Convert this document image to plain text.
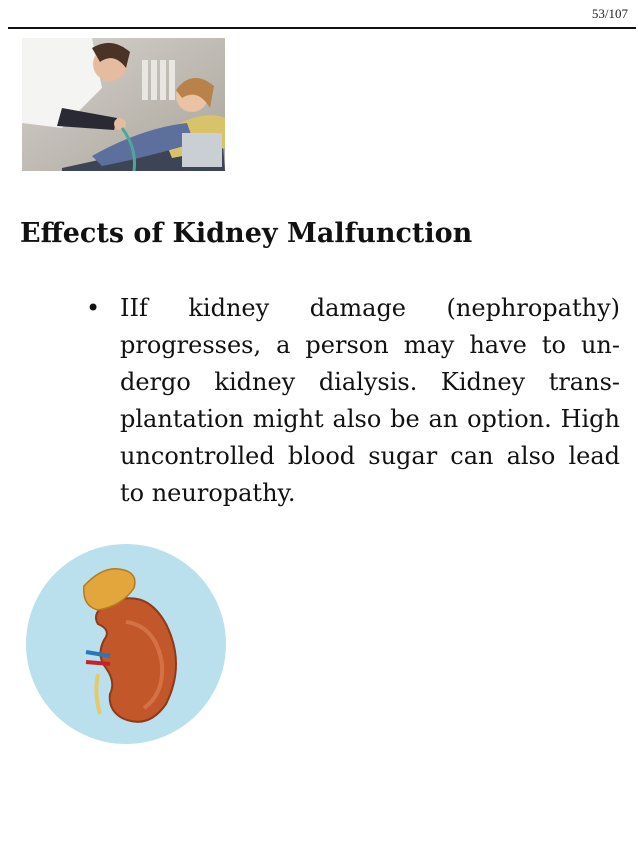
53/107
Effects of Kidney Malfunction
• IIf kidney damage (nephropathy) progresses, a person may have to undergo kidney dialysis. Kidney transplantation might also be an option. High uncontrolled blood sugar can also lead to neuropathy.
